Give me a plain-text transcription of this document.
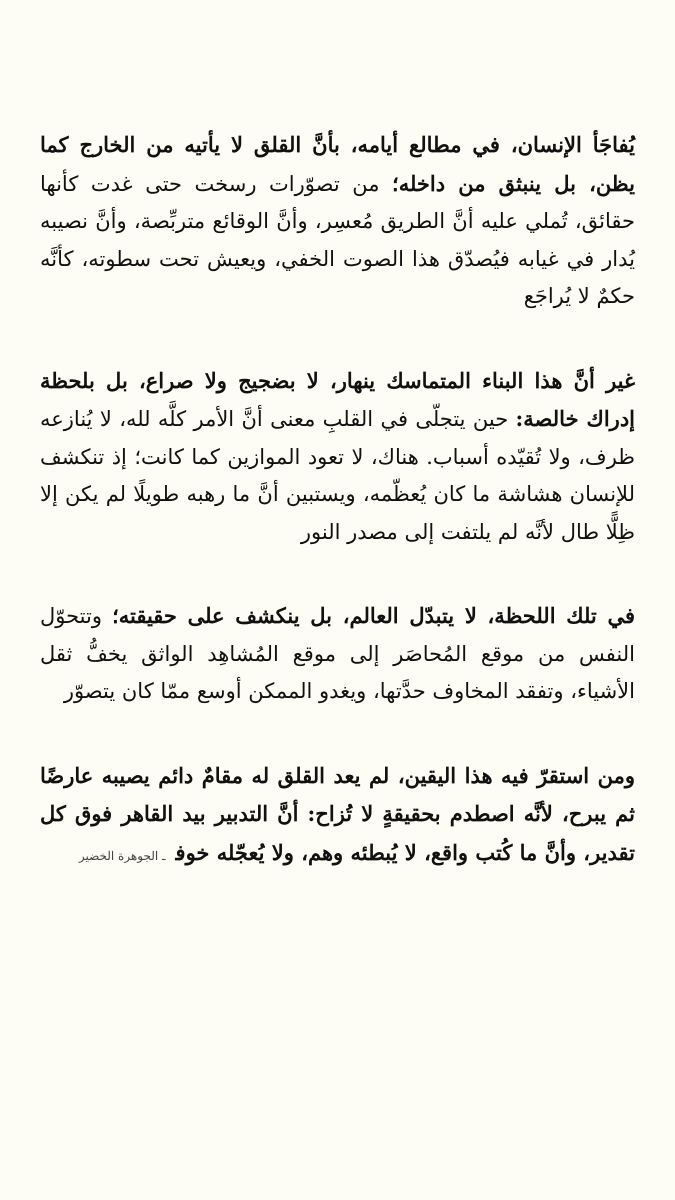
يُفاجَأ الإنسان، في مطالع أيامه، بأنَّ القلق لا يأتيه من الخارج كما يظن، بل ينبثق من داخله؛ من تصوّرات رسخت حتى غدت كأنها حقائق، تُملي عليه أنَّ الطريق مُعسِر، وأنَّ الوقائع متربِّصة، وأنَّ نصيبه يُدار في غيابه فيُصدّق هذا الصوت الخفي، ويعيش تحت سطوته، كأنَّه حكمٌ لا يُراجَع

غير أنَّ هذا البناء المتماسك ينهار، لا بضجيج ولا صراع، بل بلحظة إدراك خالصة: حين يتجلّى في القلبِ معنى أنَّ الأمر كلَّه لله، لا يُنازعه ظرف، ولا تُقيّده أسباب. هناك، لا تعود الموازين كما كانت؛ إذ تنكشف للإنسان هشاشة ما كان يُعظّمه، ويستبين أنَّ ما رهبه طويلًا لم يكن إلا ظِلًّا طال لأنَّه لم يلتفت إلى مصدر النور

في تلك اللحظة، لا يتبدّل العالم، بل ينكشف على حقيقته؛ وتتحوّل النفس من موقع المُحاصَر إلى موقع المُشاهِد الواثق يخفُّ ثقل الأشياء، وتفقد المخاوف حدَّتها، ويغدو الممكن أوسع ممّا كان يتصوّر

ومن استقرّ فيه هذا اليقين، لم يعد القلق له مقامٌ دائم يصيبه عارضًا ثم يبرح، لأنَّه اصطدم بحقيقةٍ لا تُزاح: أنَّ التدبير بيد القاهر فوق كل تقدير، وأنَّ ما كُتب واقع، لا يُبطئه وهم، ولا يُعجّله خوفـ الجوهرة الخضير
